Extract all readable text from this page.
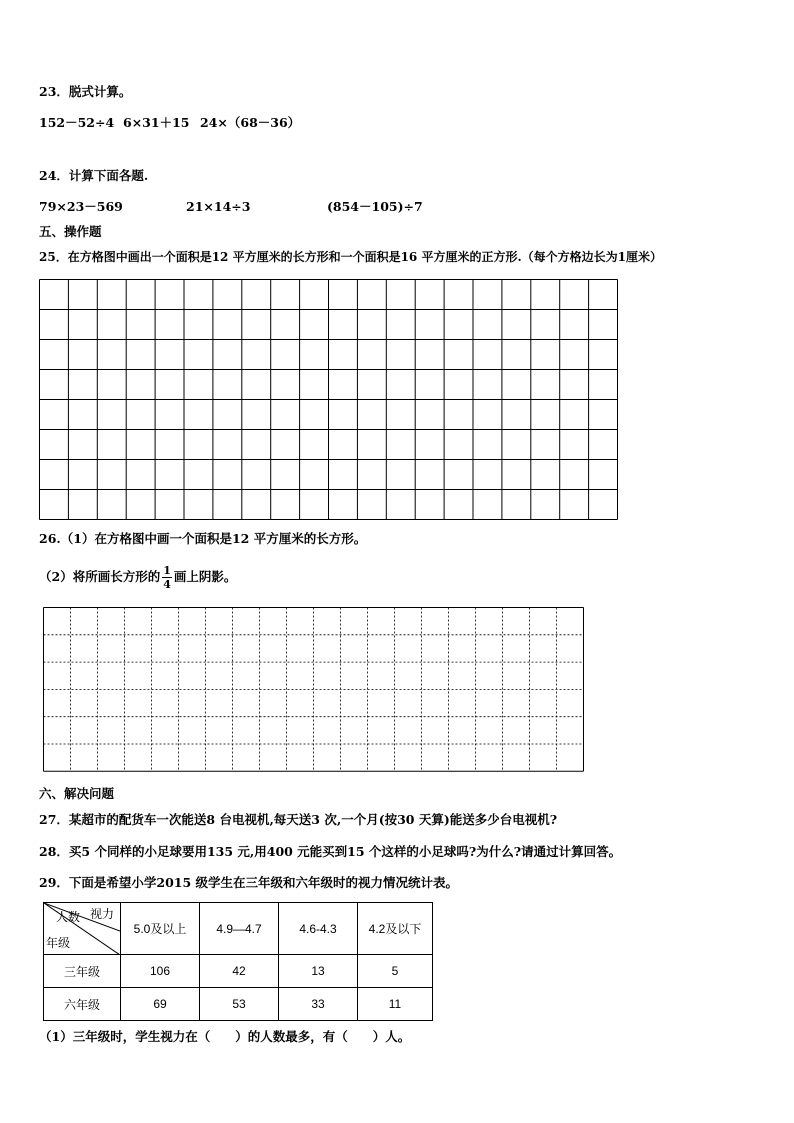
23．脱式计算。
152－52÷4 6×31＋15 24×（68－36）
24．计算下面各题.
79×23－569	21×14÷3	(854－105)÷7
五、操作题
25．在方格图中画出一个面积是12 平方厘米的长方形和一个面积是16 平方厘米的正方形.（每个方格边长为1厘米）
26.（1）在方格图中画一个面积是12 平方厘米的长方形。
（2）将所画长方形的 $\frac{1}{4}$ 画上阴影。
六、解决问题
27．某超市的配货车一次能送8 台电视机,每天送3 次,一个月(按30 天算)能送多少台电视机?
28．买5 个同样的小足球要用135 元,用400 元能买到15 个这样的小足球吗?为什么?请通过计算回答。
29．下面是希望小学2015 级学生在三年级和六年级时的视力情况统计表。
视力
人数
年级	5.0及以上	4.9—4.7	4.6-4.3	4.2及以下
三年级	106	42	13	5
六年级	69	53	33	11
（1）三年级时，学生视力在（　　）的人数最多，有（　　）人。
